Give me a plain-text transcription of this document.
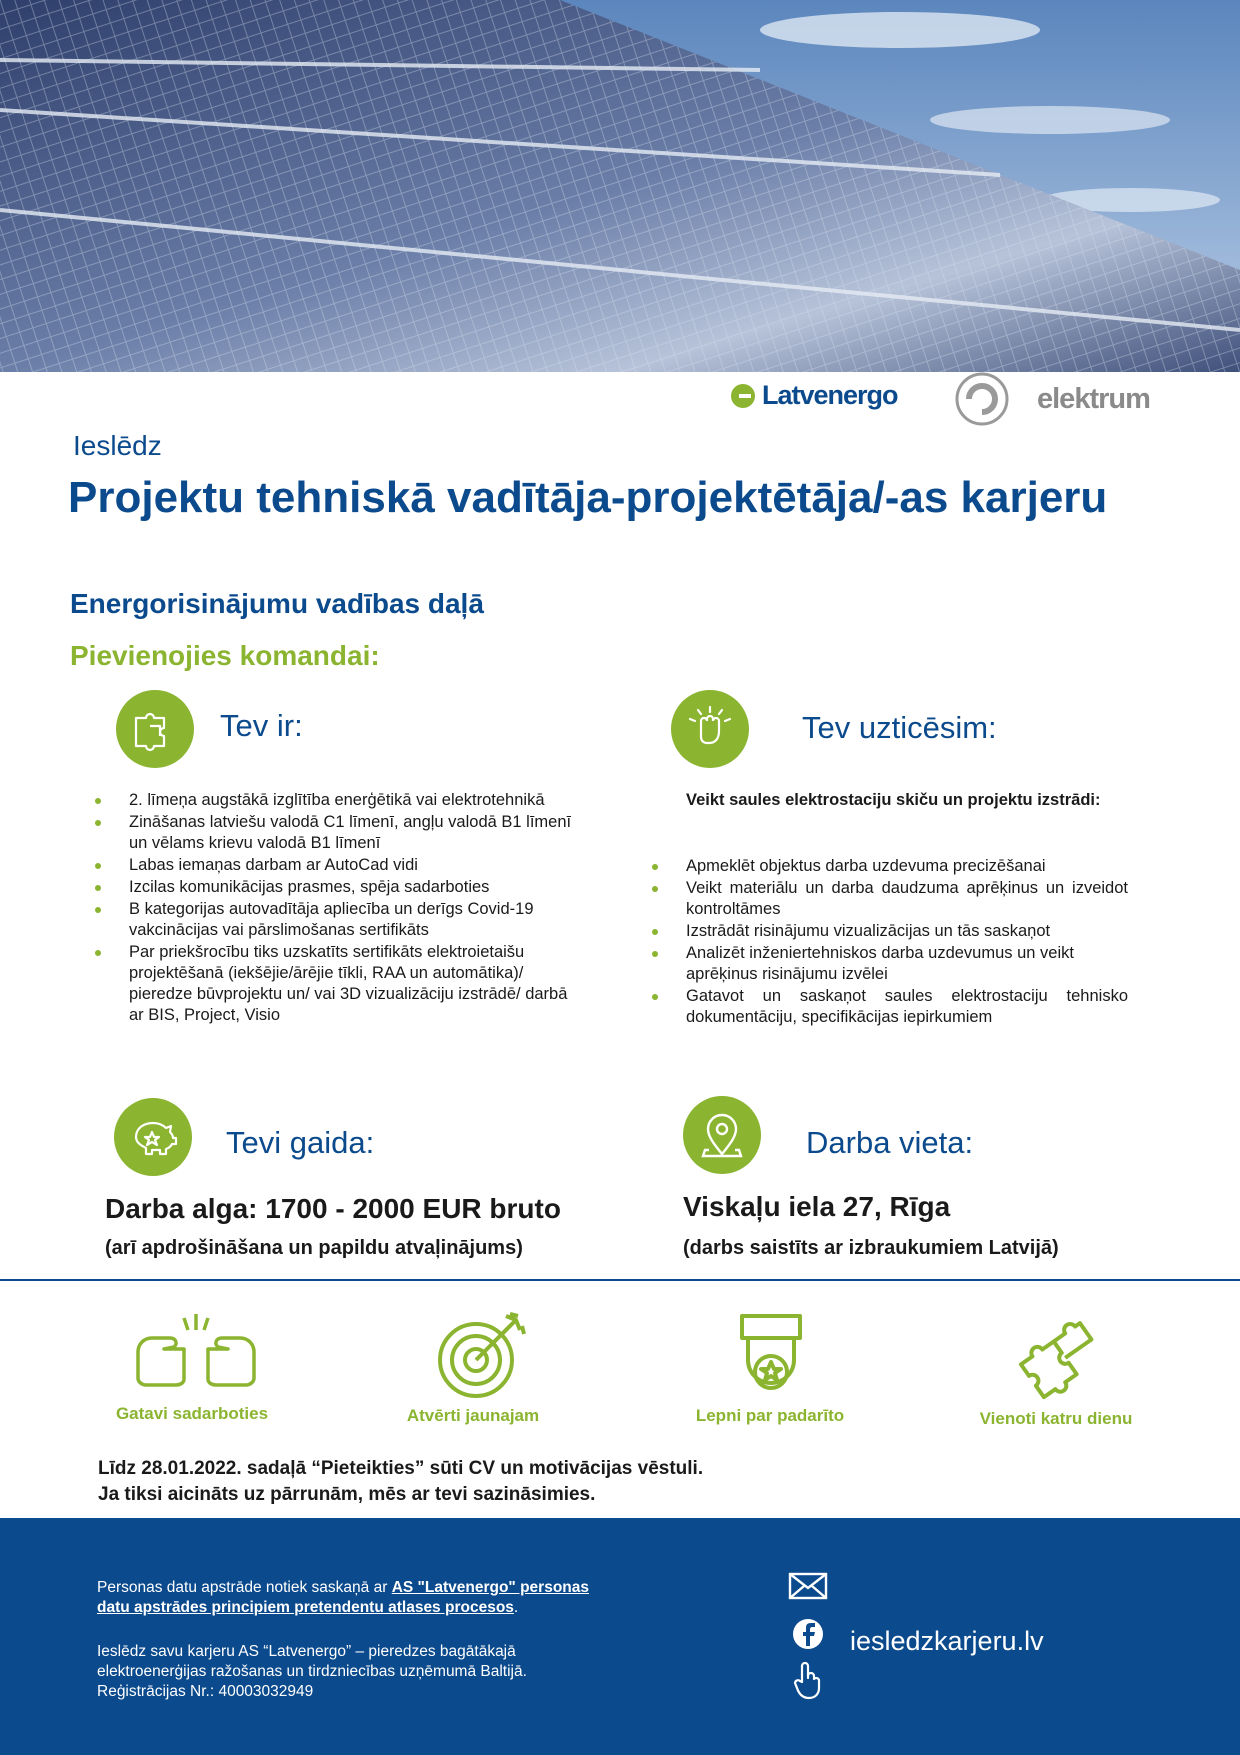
Latvenergo	elektrum
Ieslēdz
Projektu tehniskā vadītāja-projektētāja/-as karjeru
Energorisinājumu vadības daļā
Pievienojies komandai:
Tev ir:
2. līmeņa augstākā izglītība enerģētikā vai elektrotehnikā
Zināšanas latviešu valodā C1 līmenī, angļu valodā B1 līmenī un vēlams krievu valodā B1 līmenī
Labas iemaņas darbam ar AutoCad vidi
Izcilas komunikācijas prasmes, spēja sadarboties
B kategorijas autovadītāja apliecība un derīgs Covid-19 vakcinācijas vai pārslimošanas sertifikāts
Par priekšrocību tiks uzskatīts sertifikāts elektroietaišu projektēšanā (iekšējie/ārējie tīkli, RAA un automātika)/ pieredze būvprojektu un/ vai 3D vizualizāciju izstrādē/ darbā ar BIS, Project, Visio
Tev uzticēsim:
Veikt saules elektrostaciju skiču un projektu izstrādi:
Apmeklēt objektus darba uzdevuma precizēšanai
Veikt materiālu un darba daudzuma aprēķinus un izveidot kontroltāmes
Izstrādāt risinājumu vizualizācijas un tās saskaņot
Analizēt inženiertehniskos darba uzdevumus un veikt aprēķinus risinājumu izvēlei
Gatavot un saskaņot saules elektrostaciju tehnisko dokumentāciju, specifikācijas iepirkumiem
Tevi gaida:
Darba alga: 1700 - 2000 EUR bruto
(arī apdrošināšana un papildu atvaļinājums)
Darba vieta:
Viskaļu iela 27, Rīga
(darbs saistīts ar izbraukumiem Latvijā)
Gatavi sadarboties	Atvērti jaunajam	Lepni par padarīto	Vienoti katru dienu
Līdz 28.01.2022. sadaļā “Pieteikties” sūti CV un motivācijas vēstuli.
Ja tiksi aicināts uz pārrunām, mēs ar tevi sazināsimies.
Personas datu apstrāde notiek saskaņā ar AS "Latvenergo" personas datu apstrādes principiem pretendentu atlases procesos.
Ieslēdz savu karjeru AS “Latvenergo” – pieredzes bagātākajā elektroenerģijas ražošanas un tirdzniecības uzņēmumā Baltijā.
Reģistrācijas Nr.: 40003032949
iesledzkarjeru.lv
